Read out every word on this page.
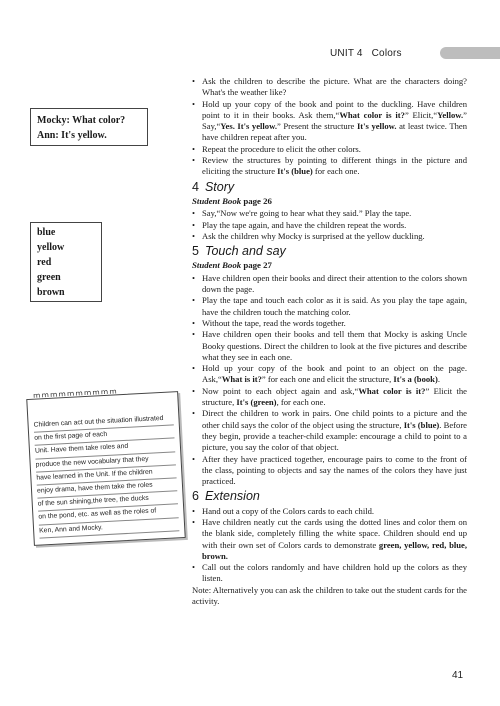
UNIT 4 Colors
Mocky: What color?
Ann: It's yellow.
blue
yellow
red
green
brown
ᵐᵐᵐᵐᵐᵐᵐᵐᵐᵐ
Children can act out the situation illustrated
on the first page of each
Unit. Have them take roles and
produce the new vocabulary that they
have learned in the Unit. If the children
enjoy drama, have them take the roles
of the sun shining,the tree, the ducks
on the pond, etc. as well as the roles of
Ken, Ann and Mocky.
• Ask the children to describe the picture. What are the characters doing? What's the weather like?
• Hold up your copy of the book and point to the duckling. Have children point to it in their books. Ask them,“What color is it?” Elicit,“Yellow.” Say,“Yes. It's yellow.” Present the structure It's yellow. at least twice. Then have children repeat after you.
• Repeat the procedure to elicit the other colors.
• Review the structures by pointing to different things in the picture and eliciting the structure It's (blue) for each one.
4 Story
Student Book page 26
• Say,“Now we're going to hear what they said.” Play the tape.
• Play the tape again, and have the children repeat the words.
• Ask the children why Mocky is surprised at the yellow duckling.
5 Touch and say
Student Book page 27
• Have children open their books and direct their attention to the colors shown down the page.
• Play the tape and touch each color as it is said. As you play the tape again, have the children touch the matching color.
• Without the tape, read the words together.
• Have children open their books and tell them that Mocky is asking Uncle Booky questions. Direct the children to look at the five pictures and describe what they see in each one.
• Hold up your copy of the book and point to an object on the page. Ask,“What is it?” for each one and elicit the structure, It's a (book).
• Now point to each object again and ask,“What color is it?” Elicit the structure, It's (green), for each one.
• Direct the children to work in pairs. One child points to a picture and the other child says the color of the object using the structure, It's (blue). Before they begin, provide a teacher-child example: encourage a child to point to a picture, you say the color of that object.
• After they have practiced together, encourage pairs to come to the front of the class, pointing to objects and say the names of the colors they have just practiced.
6 Extension
• Hand out a copy of the Colors cards to each child.
• Have children neatly cut the cards using the dotted lines and color them on the blank side, completely filling the white space. Children should end up with their own set of Colors cards to demonstrate green, yellow, red, blue, brown.
• Call out the colors randomly and have children hold up the colors as they listen.
Note: Alternatively you can ask the children to take out the student cards for the activity.
41
